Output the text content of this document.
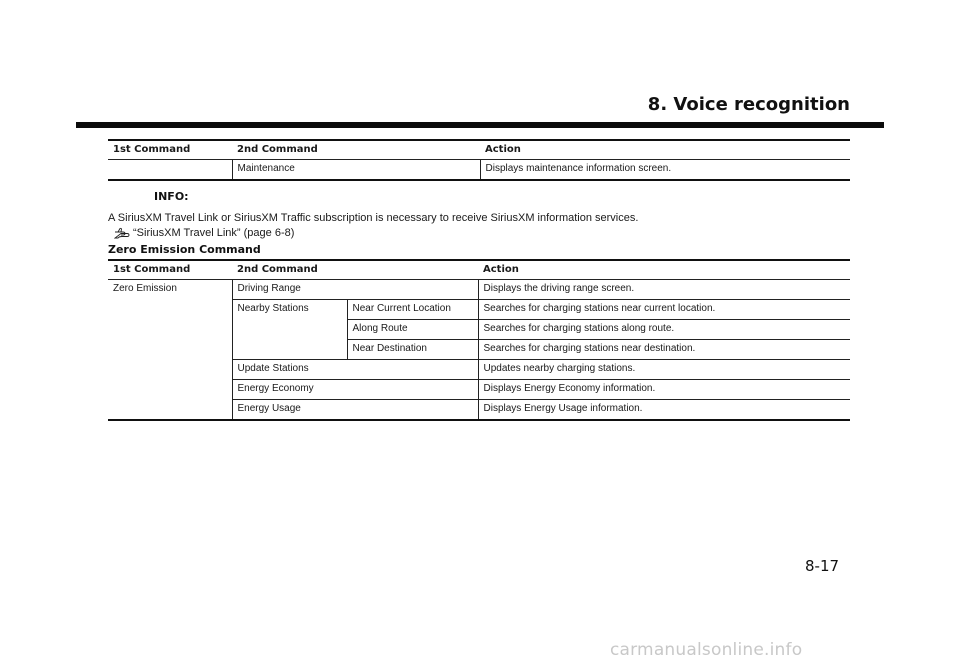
8. Voice recognition
1st Command	2nd Command	Action
	Maintenance	Displays maintenance information screen.
INFO:
A SiriusXM Travel Link or SiriusXM Traffic subscription is necessary to receive SiriusXM information services.
“SiriusXM Travel Link” (page 6-8)
Zero Emission Command
1st Command	2nd Command		Action
Zero Emission	Driving Range		Displays the driving range screen.
	Nearby Stations	Near Current Location	Searches for charging stations near current location.
		Along Route	Searches for charging stations along route.
		Near Destination	Searches for charging stations near destination.
	Update Stations		Updates nearby charging stations.
	Energy Economy		Displays Energy Economy information.
	Energy Usage		Displays Energy Usage information.
8-17
carmanualsonline.info
